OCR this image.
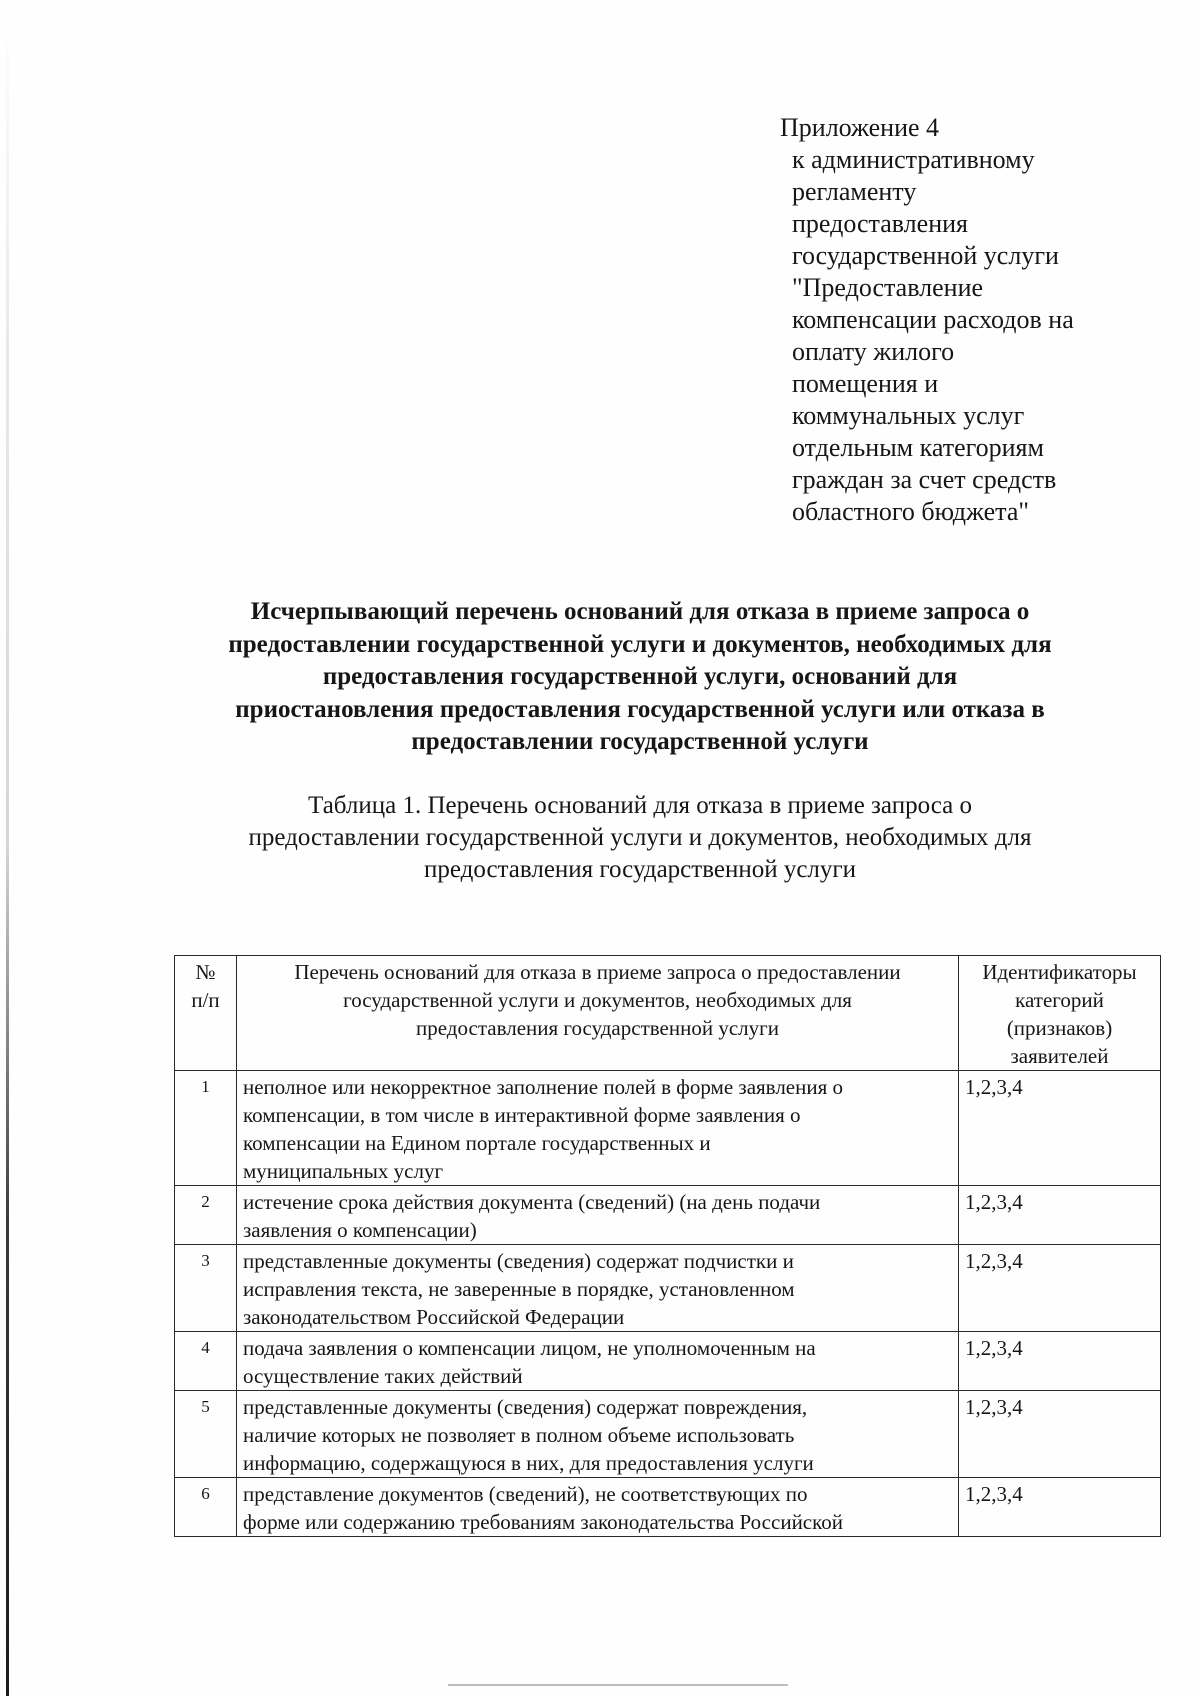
Приложение 4
к административному
регламенту
предоставления
государственной услуги
"Предоставление
компенсации расходов на
оплату жилого
помещения и
коммунальных услуг
отдельным категориям
граждан за счет средств
областного бюджета"
Исчерпывающий перечень оснований для отказа в приеме запроса о
предоставлении государственной услуги и документов, необходимых для
предоставления государственной услуги, оснований для
приостановления предоставления государственной услуги или отказа в
предоставлении государственной услуги
Таблица 1. Перечень оснований для отказа в приеме запроса о
предоставлении государственной услуги и документов, необходимых для
предоставления государственной услуги
№
п/п	Перечень оснований для отказа в приеме запроса о предоставлении
государственной услуги и документов, необходимых для
предоставления государственной услуги	Идентификаторы
категорий
(признаков)
заявителей

1	неполное или некорректное заполнение полей в форме заявления о
компенсации, в том числе в интерактивной форме заявления о
компенсации на Едином портале государственных и
муниципальных услуг	1,2,3,4
2	истечение срока действия документа (сведений) (на день подачи
заявления о компенсации)	1,2,3,4
3	представленные документы (сведения) содержат подчистки и
исправления текста, не заверенные в порядке, установленном
законодательством Российской Федерации	1,2,3,4
4	подача заявления о компенсации лицом, не уполномоченным на
осуществление таких действий	1,2,3,4
5	представленные документы (сведения) содержат повреждения,
наличие которых не позволяет в полном объеме использовать
информацию, содержащуюся в них, для предоставления услуги	1,2,3,4
6	представление документов (сведений), не соответствующих по
форме или содержанию требованиям законодательства Российской	1,2,3,4
